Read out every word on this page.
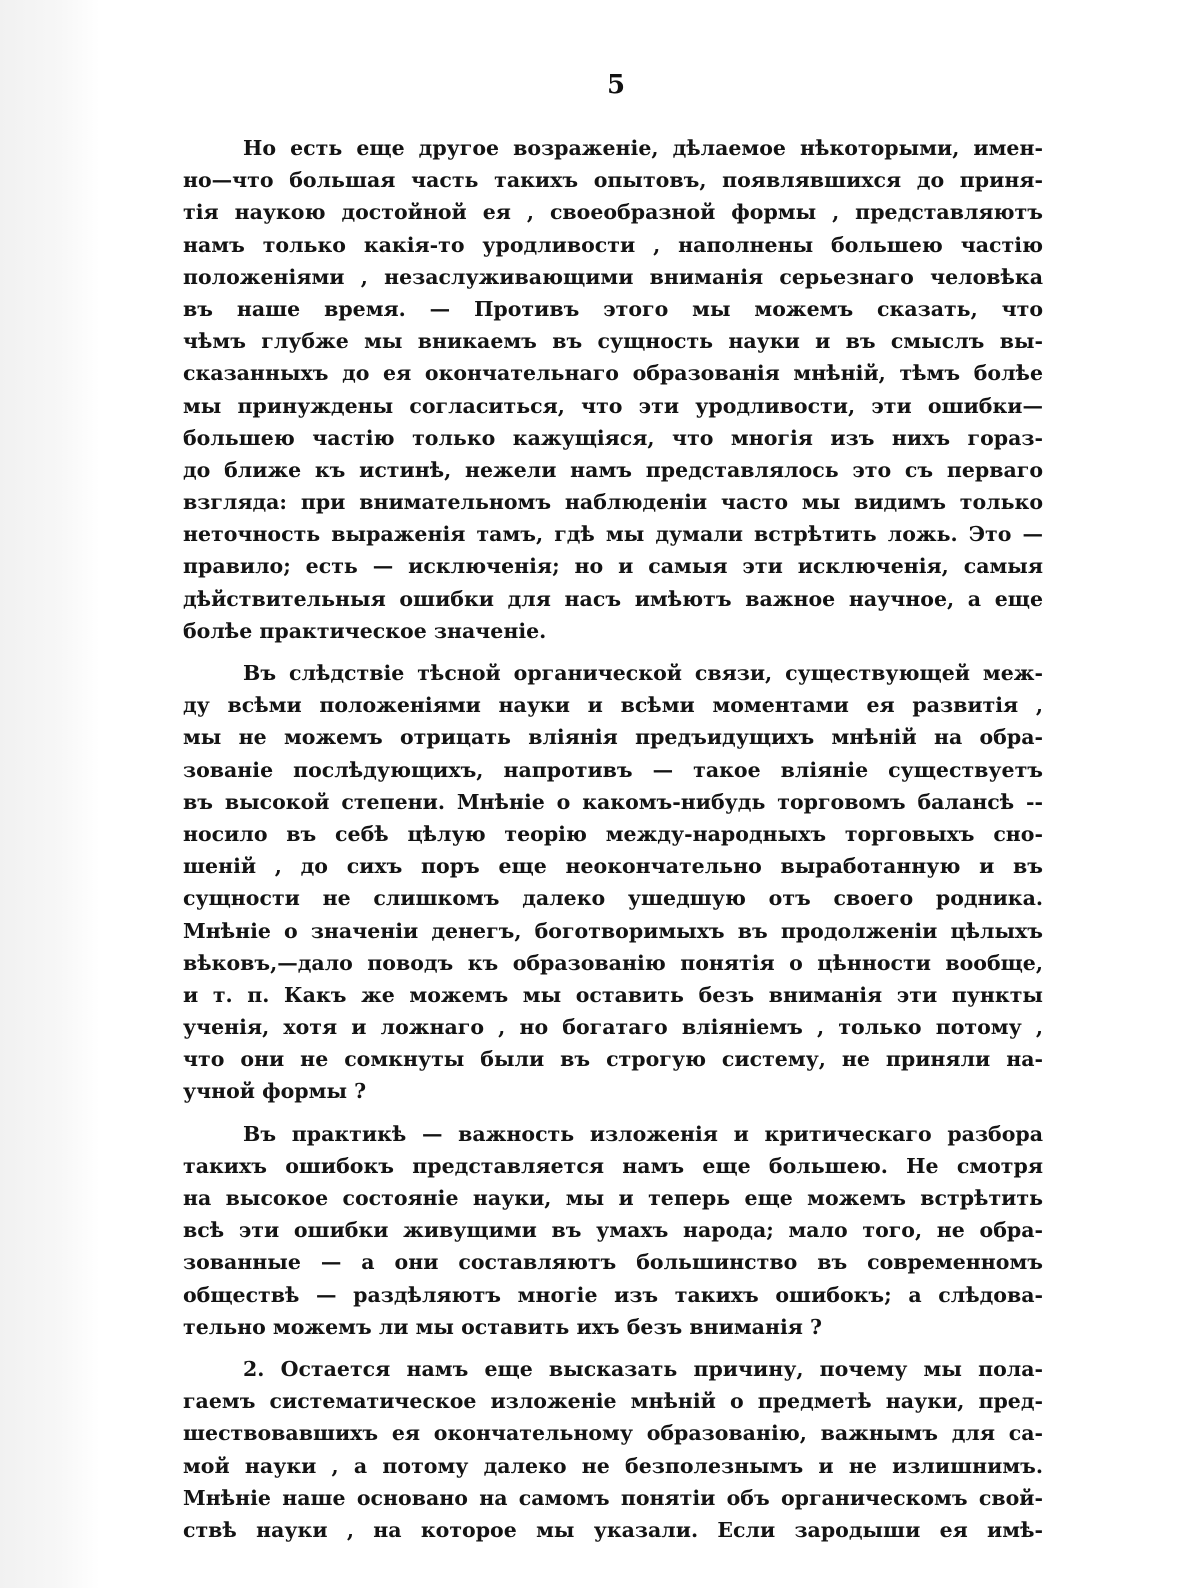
5
Но есть еще другое возраженіе, дѣлаемое нѣкоторыми, имен-
но—что большая часть такихъ опытовъ, появлявшихся до приня-
тія наукою достойной ея , своеобразной формы , представляютъ
намъ только какія-то уродливости , наполнены большею частію
положеніями , незаслуживающими вниманія серьезнаго человѣка
въ наше время. — Противъ этого мы можемъ сказать, что
чѣмъ глубже мы вникаемъ въ сущность науки и въ смыслъ вы-
сказанныхъ до ея окончательнаго образованія мнѣній, тѣмъ болѣе
мы принуждены согласиться, что эти уродливости, эти ошибки—
большею частію только кажущіяся, что многія изъ нихъ горaз-
до ближе къ истинѣ, нежели намъ представлялось это съ перваго
взгляда: при внимательномъ наблюденіи часто мы видимъ только
неточность выраженія тамъ, гдѣ мы думали встрѣтить ложь. Это —
правило; есть — исключенія; но и самыя эти исключенія, самыя
дѣйствительныя ошибки для насъ имѣютъ важное научное, а еще
болѣе практическое значеніе.
Въ слѣдствіе тѣсной органической связи, существующей меж-
ду всѣми положеніями науки и всѣми моментами ея развитія ,
мы не можемъ отрицать вліянія предъидущихъ мнѣній на обра-
зованіе послѣдующихъ, напротивъ — такое вліяніе существуетъ
въ высокой степени. Мнѣніе о какомъ-нибудь торговомъ балансѣ --
носило въ себѣ цѣлую теорію между-народныхъ торговыхъ сно-
шеній , до сихъ поръ еще неокончательно выработанную и въ
сущности не слишкомъ далеко ушедшую отъ своего родника.
Мнѣніе о значеніи денегъ, боготворимыхъ въ продолженіи цѣлыхъ
вѣковъ,—дало поводъ къ образованію понятія о цѣнности вообще,
и т. п. Какъ же можемъ мы оставить безъ вниманія эти пункты
ученія, хотя и ложнаго , но богатаго вліяніемъ , только потому ,
что они не сомкнуты были въ строгую систему, не приняли на-
учной формы ?
Въ практикѣ — важность изложенія и критическаго разбора
такихъ ошибокъ представляется намъ еще большею. Не смотря
на высокое состояніе науки, мы и теперь еще можемъ встрѣтить
всѣ эти ошибки живущими въ умахъ народа; мало того, не обра-
зованные — а они составляютъ большинство въ современномъ
обществѣ — раздѣляютъ многіе изъ такихъ ошибокъ; а слѣдова-
тельно можемъ ли мы оставить ихъ безъ вниманія ?
2. Остается намъ еще высказать причину, почему мы пола-
гаемъ систематическое изложеніе мнѣній о предметѣ науки, пред-
шествовавшихъ ея окончательному образованію, важнымъ для са-
мой науки , а потому далеко не безполезнымъ и не излишнимъ.
Мнѣніе наше основано на самомъ понятіи объ органическомъ свой-
ствѣ науки , на которое мы указали. Если зародыши ея имѣ-
